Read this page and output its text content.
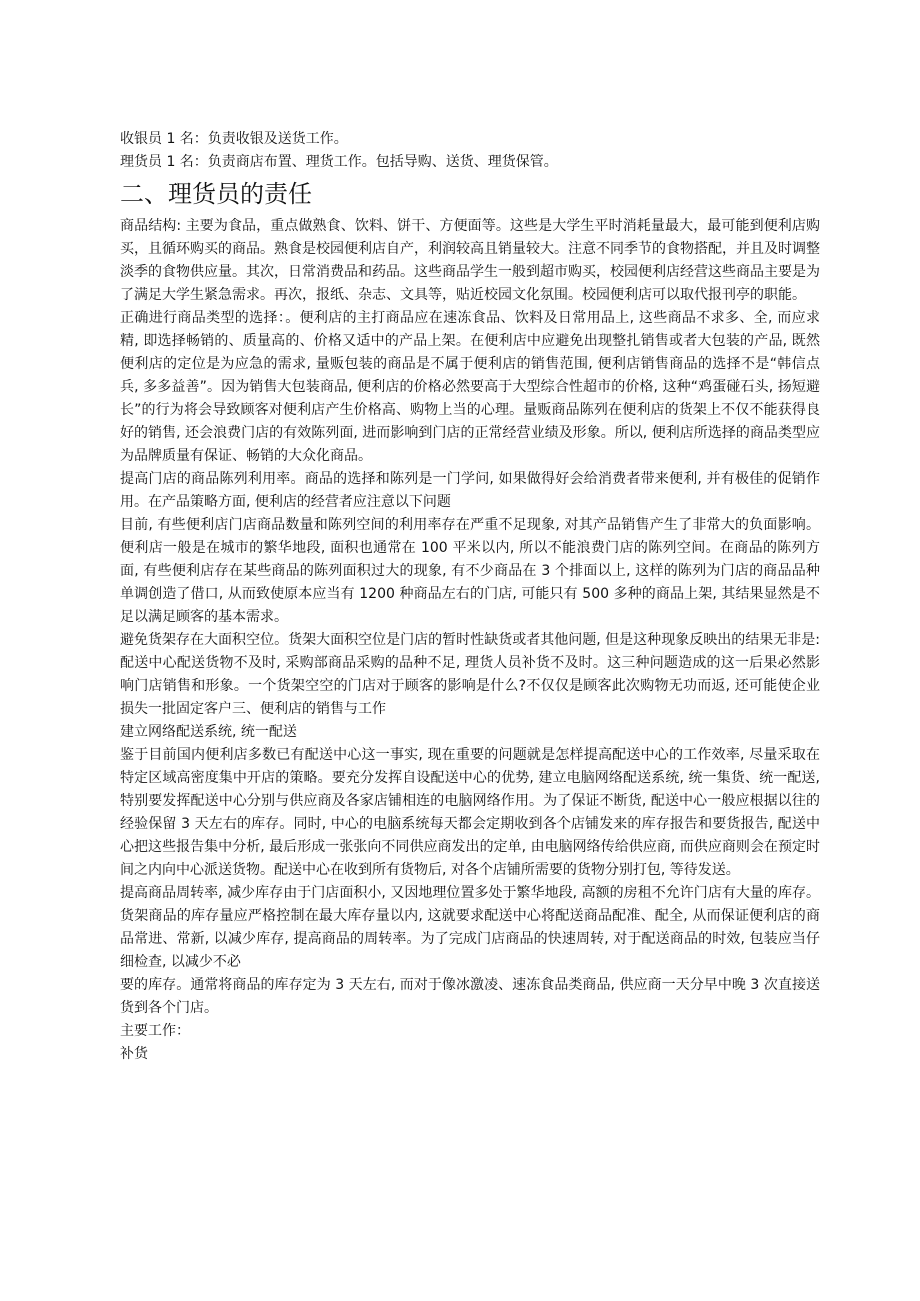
收银员 1 名：负责收银及送货工作。

理货员 1 名：负责商店布置、理货工作。包括导购、送货、理货保管。

二、理货员的责任

商品结构: 主要为食品，重点做熟食、饮料、饼干、方便面等。这些是大学生平时消耗量最大，最可能到便利店购买，且循环购买的商品。熟食是校园便利店自产，利润较高且销量较大。注意不同季节的食物搭配，并且及时调整淡季的食物供应量。其次，日常消费品和药品。这些商品学生一般到超市购买，校园便利店经营这些商品主要是为了满足大学生紧急需求。再次，报纸、杂志、文具等，贴近校园文化氛围。校园便利店可以取代报刊亭的职能。

正确进行商品类型的选择：。便利店的主打商品应在速冻食品、饮料及日常用品上, 这些商品不求多、全, 而应求精, 即选择畅销的、质量高的、价格又适中的产品上架。在便利店中应避免出现整扎销售或者大包装的产品, 既然便利店的定位是为应急的需求, 量贩包装的商品是不属于便利店的销售范围, 便利店销售商品的选择不是“韩信点兵, 多多益善”。因为销售大包装商品, 便利店的价格必然要高于大型综合性超市的价格, 这种“鸡蛋碰石头, 扬短避长”的行为将会导致顾客对便利店产生价格高、购物上当的心理。量贩商品陈列在便利店的货架上不仅不能获得良好的销售, 还会浪费门店的有效陈列面, 进而影响到门店的正常经营业绩及形象。所以, 便利店所选择的商品类型应为品牌质量有保证、畅销的大众化商品。

提高门店的商品陈列利用率。商品的选择和陈列是一门学问, 如果做得好会给消费者带来便利, 并有极佳的促销作用。在产品策略方面, 便利店的经营者应注意以下问题

目前, 有些便利店门店商品数量和陈列空间的利用率存在严重不足现象, 对其产品销售产生了非常大的负面影响。便利店一般是在城市的繁华地段, 面积也通常在 100 平米以内, 所以不能浪费门店的陈列空间。在商品的陈列方面, 有些便利店存在某些商品的陈列面积过大的现象, 有不少商品在 3 个排面以上, 这样的陈列为门店的商品品种单调创造了借口, 从而致使原本应当有 1200 种商品左右的门店, 可能只有 500 多种的商品上架, 其结果显然是不足以满足顾客的基本需求。

避免货架存在大面积空位。货架大面积空位是门店的暂时性缺货或者其他问题, 但是这种现象反映出的结果无非是: 配送中心配送货物不及时, 采购部商品采购的品种不足, 理货人员补货不及时。这三种问题造成的这一后果必然影响门店销售和形象。一个货架空空的门店对于顾客的影响是什么?不仅仅是顾客此次购物无功而返, 还可能使企业损失一批固定客户三、便利店的销售与工作

建立网络配送系统, 统一配送

鉴于目前国内便利店多数已有配送中心这一事实, 现在重要的问题就是怎样提高配送中心的工作效率, 尽量采取在特定区域高密度集中开店的策略。要充分发挥自设配送中心的优势, 建立电脑网络配送系统, 统一集货、统一配送, 特别要发挥配送中心分别与供应商及各家店铺相连的电脑网络作用。为了保证不断货, 配送中心一般应根据以往的经验保留 3 天左右的库存。同时, 中心的电脑系统每天都会定期收到各个店铺发来的库存报告和要货报告, 配送中心把这些报告集中分析, 最后形成一张张向不同供应商发出的定单, 由电脑网络传给供应商, 而供应商则会在预定时间之内向中心派送货物。配送中心在收到所有货物后, 对各个店铺所需要的货物分别打包, 等待发送。

提高商品周转率, 减少库存由于门店面积小, 又因地理位置多处于繁华地段, 高额的房租不允许门店有大量的库存。货架商品的库存量应严格控制在最大库存量以内, 这就要求配送中心将配送商品配准、配全, 从而保证便利店的商品常进、常新, 以减少库存, 提高商品的周转率。为了完成门店商品的快速周转, 对于配送商品的时效, 包装应当仔细检查, 以减少不必

要的库存。通常将商品的库存定为 3 天左右, 而对于像冰激凌、速冻食品类商品, 供应商一天分早中晚 3 次直接送货到各个门店。

主要工作：

补货
